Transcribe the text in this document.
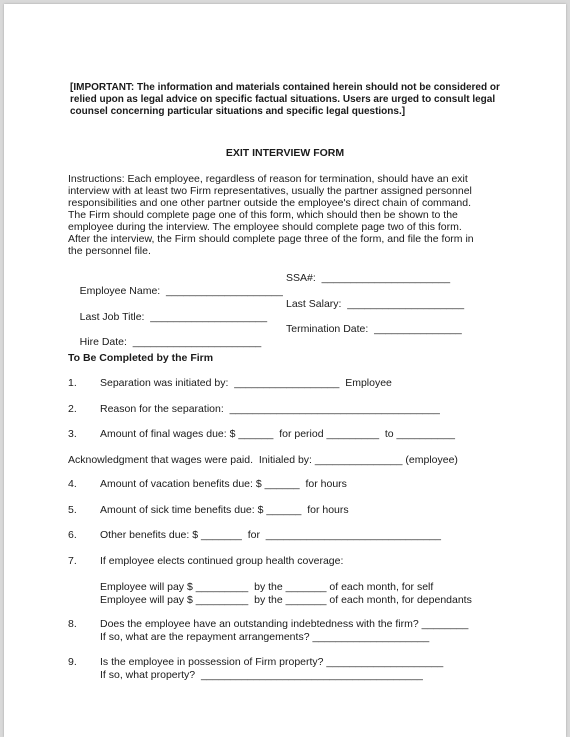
[IMPORTANT: The information and materials contained herein should not be considered or relied upon as legal advice on specific factual situations. Users are urged to consult legal counsel concerning particular situations and specific legal questions.]
EXIT INTERVIEW FORM
Instructions: Each employee, regardless of reason for termination, should have an exit
interview with at least two Firm representatives, usually the partner assigned personnel
responsibilities and one other partner outside the employee's direct chain of command.
The Firm should complete page one of this form, which should then be shown to the
employee during the interview. The employee should complete page two of this form.
After the interview, the Firm should complete page three of the form, and file the form in
the personnel file.

Employee Name:  ____________________

SSA#:  ______________________

Last Job Title:  ____________________

Last Salary:  ____________________

Hire Date:  ______________________

Termination Date:  _______________

To Be Completed by the Firm

1.

Separation was initiated by:  __________________  Employee

2.

Reason for the separation:  ____________________________________

3.

Amount of final wages due: $ ______  for period _________  to __________

Acknowledgment that wages were paid.  Initialed by: _______________ (employee)

4.

Amount of vacation benefits due: $ ______  for hours

5.

Amount of sick time benefits due: $ ______  for hours

6.

Other benefits due: $ _______  for  ______________________________

7.

If employee elects continued group health coverage:

Employee will pay $ _________  by the _______ of each month, for self

Employee will pay $ _________  by the _______ of each month, for dependants

8.

Does the employee have an outstanding indebtedness with the firm? ________

If so, what are the repayment arrangements? ____________________

9.

Is the employee in possession of Firm property? ____________________

If so, what property?  ______________________________________
